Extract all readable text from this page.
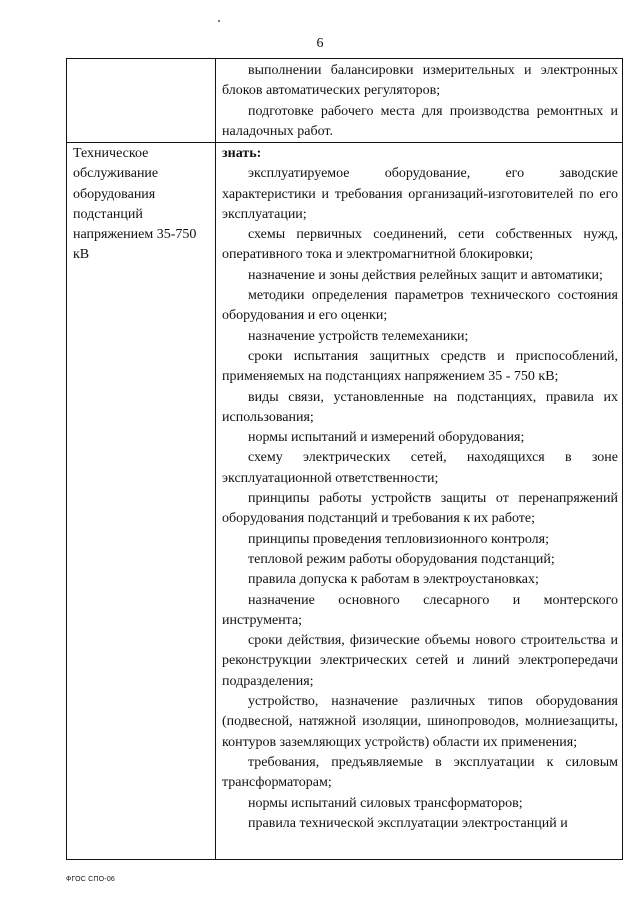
6
Техническое
обслуживание
оборудования
подстанций
напряжением 35-750
кВ

выполнении балансировки измерительных и электронных блоков автоматических регуляторов;

подготовке рабочего места для производства ремонтных и наладочных работ.

знать:

эксплуатируемое оборудование, его заводские характеристики и требования организаций-изготовителей по его эксплуатации;

схемы первичных соединений, сети собственных нужд, оперативного тока и электромагнитной блокировки;

назначение и зоны действия релейных защит и автоматики;

методики определения параметров технического состояния оборудования и его оценки;

назначение устройств телемеханики;

сроки испытания защитных средств и приспособлений, применяемых на подстанциях напряжением 35 - 750 кВ;

виды связи, установленные на подстанциях, правила их использования;

нормы испытаний и измерений оборудования;

схему электрических сетей, находящихся в зоне эксплуатационной ответственности;

принципы работы устройств защиты от перенапряжений оборудования подстанций и требования к их работе;

принципы проведения тепловизионного контроля;

тепловой режим работы оборудования подстанций;

правила допуска к работам в электроустановках;

назначение основного слесарного и монтерского инструмента;

сроки действия, физические объемы нового строительства и реконструкции электрических сетей и линий электропередачи подразделения;

устройство, назначение различных типов оборудования (подвесной, натяжной изоляции, шинопроводов, молниезащиты, контуров заземляющих устройств) области их применения;

требования, предъявляемые в эксплуатации к силовым трансформаторам;

нормы испытаний силовых трансформаторов;

правила технической эксплуатации электростанций и

ФГОС СПО-06
